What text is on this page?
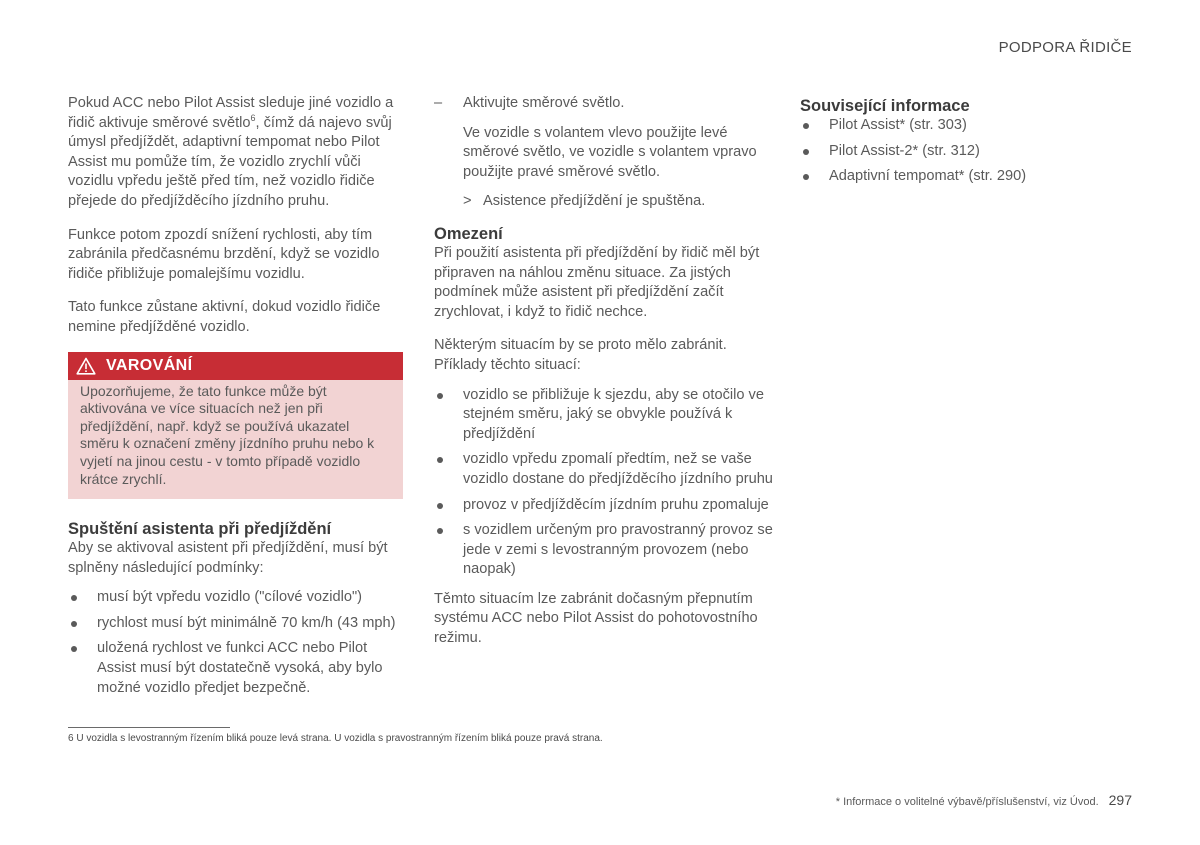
PODPORA ŘIDIČE

Pokud ACC nebo Pilot Assist sleduje jiné vozidlo a řidič aktivuje směrové světlo$^6$, čímž dá najevo svůj úmysl předjíždět, adaptivní tempomat nebo Pilot Assist mu pomůže tím, že vozidlo zrychlí vůči vozidlu vpředu ještě před tím, než vozidlo řidiče přejede do předjížděcího jízdního pruhu.

Funkce potom zpozdí snížení rychlosti, aby tím zabránila předčasnému brzdění, když se vozidlo řidiče přibližuje pomalejšímu vozidlu.

Tato funkce zůstane aktivní, dokud vozidlo řidiče nemine předjížděné vozidlo.

VAROVÁNÍ
Upozorňujeme, že tato funkce může být aktivována ve více situacích než jen při předjíždění, např. když se používá ukazatel směru k označení změny jízdního pruhu nebo k vyjetí na jinou cestu - v tomto případě vozidlo krátce zrychlí.
Spuštění asistenta při předjíždění

Aby se aktivoval asistent při předjíždění, musí být splněny následující podmínky:

musí být vpředu vozidlo ("cílové vozidlo")
rychlost musí být minimálně 70 km/h (43 mph)
uložená rychlost ve funkci ACC nebo Pilot Assist musí být dostatečně vysoká, aby bylo možné vozidlo předjet bezpečně.
– Aktivujte směrové světlo.
Ve vozidle s volantem vlevo použijte levé směrové světlo, ve vozidle s volantem vpravo použijte pravé směrové světlo.
> Asistence předjíždění je spuštěna.
Omezení

Při použití asistenta při předjíždění by řidič měl být připraven na náhlou změnu situace. Za jistých podmínek může asistent při předjíždění začít zrychlovat, i když to řidič nechce.

Některým situacím by se proto mělo zabránit. Příklady těchto situací:

vozidlo se přibližuje k sjezdu, aby se otočilo ve stejném směru, jaký se obvykle používá k předjíždění
vozidlo vpředu zpomalí předtím, než se vaše vozidlo dostane do předjížděcího jízdního pruhu
provoz v předjížděcím jízdním pruhu zpomaluje
s vozidlem určeným pro pravostranný provoz se jede v zemi s levostranným provozem (nebo naopak)

Těmto situacím lze zabránit dočasným přepnutím systému ACC nebo Pilot Assist do pohotovostního režimu.

Související informace
Pilot Assist* (str. 303)
Pilot Assist-2* (str. 312)
Adaptivní tempomat* (str. 290)
6 U vozidla s levostranným řízením bliká pouze levá strana. U vozidla s pravostranným řízením bliká pouze pravá strana.
* Informace o volitelné výbavě/příslušenství, viz Úvod. 297
